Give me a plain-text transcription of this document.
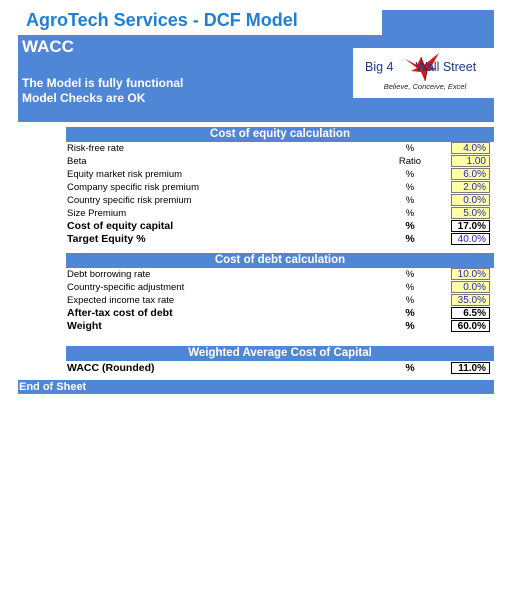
AgroTech Services - DCF Model
WACC
The Model is fully functional
Model Checks are OK
Big 4 Wall Street
Believe, Conceive, Excel
Cost of equity calculation
Risk-free rate	%	4.0%
Beta	Ratio	1.00
Equity market risk premium	%	6.0%
Company specific risk premium	%	2.0%
Country specific risk premium	%	0.0%
Size Premium	%	5.0%
Cost of equity capital	%	17.0%
Target Equity %	%	40.0%
Cost of debt calculation
Debt borrowing rate	%	10.0%
Country-specific adjustment	%	0.0%
Expected income tax rate	%	35.0%
After-tax cost of debt	%	6.5%
Weight	%	60.0%
Weighted Average Cost of Capital
WACC (Rounded)	%	11.0%
End of Sheet
